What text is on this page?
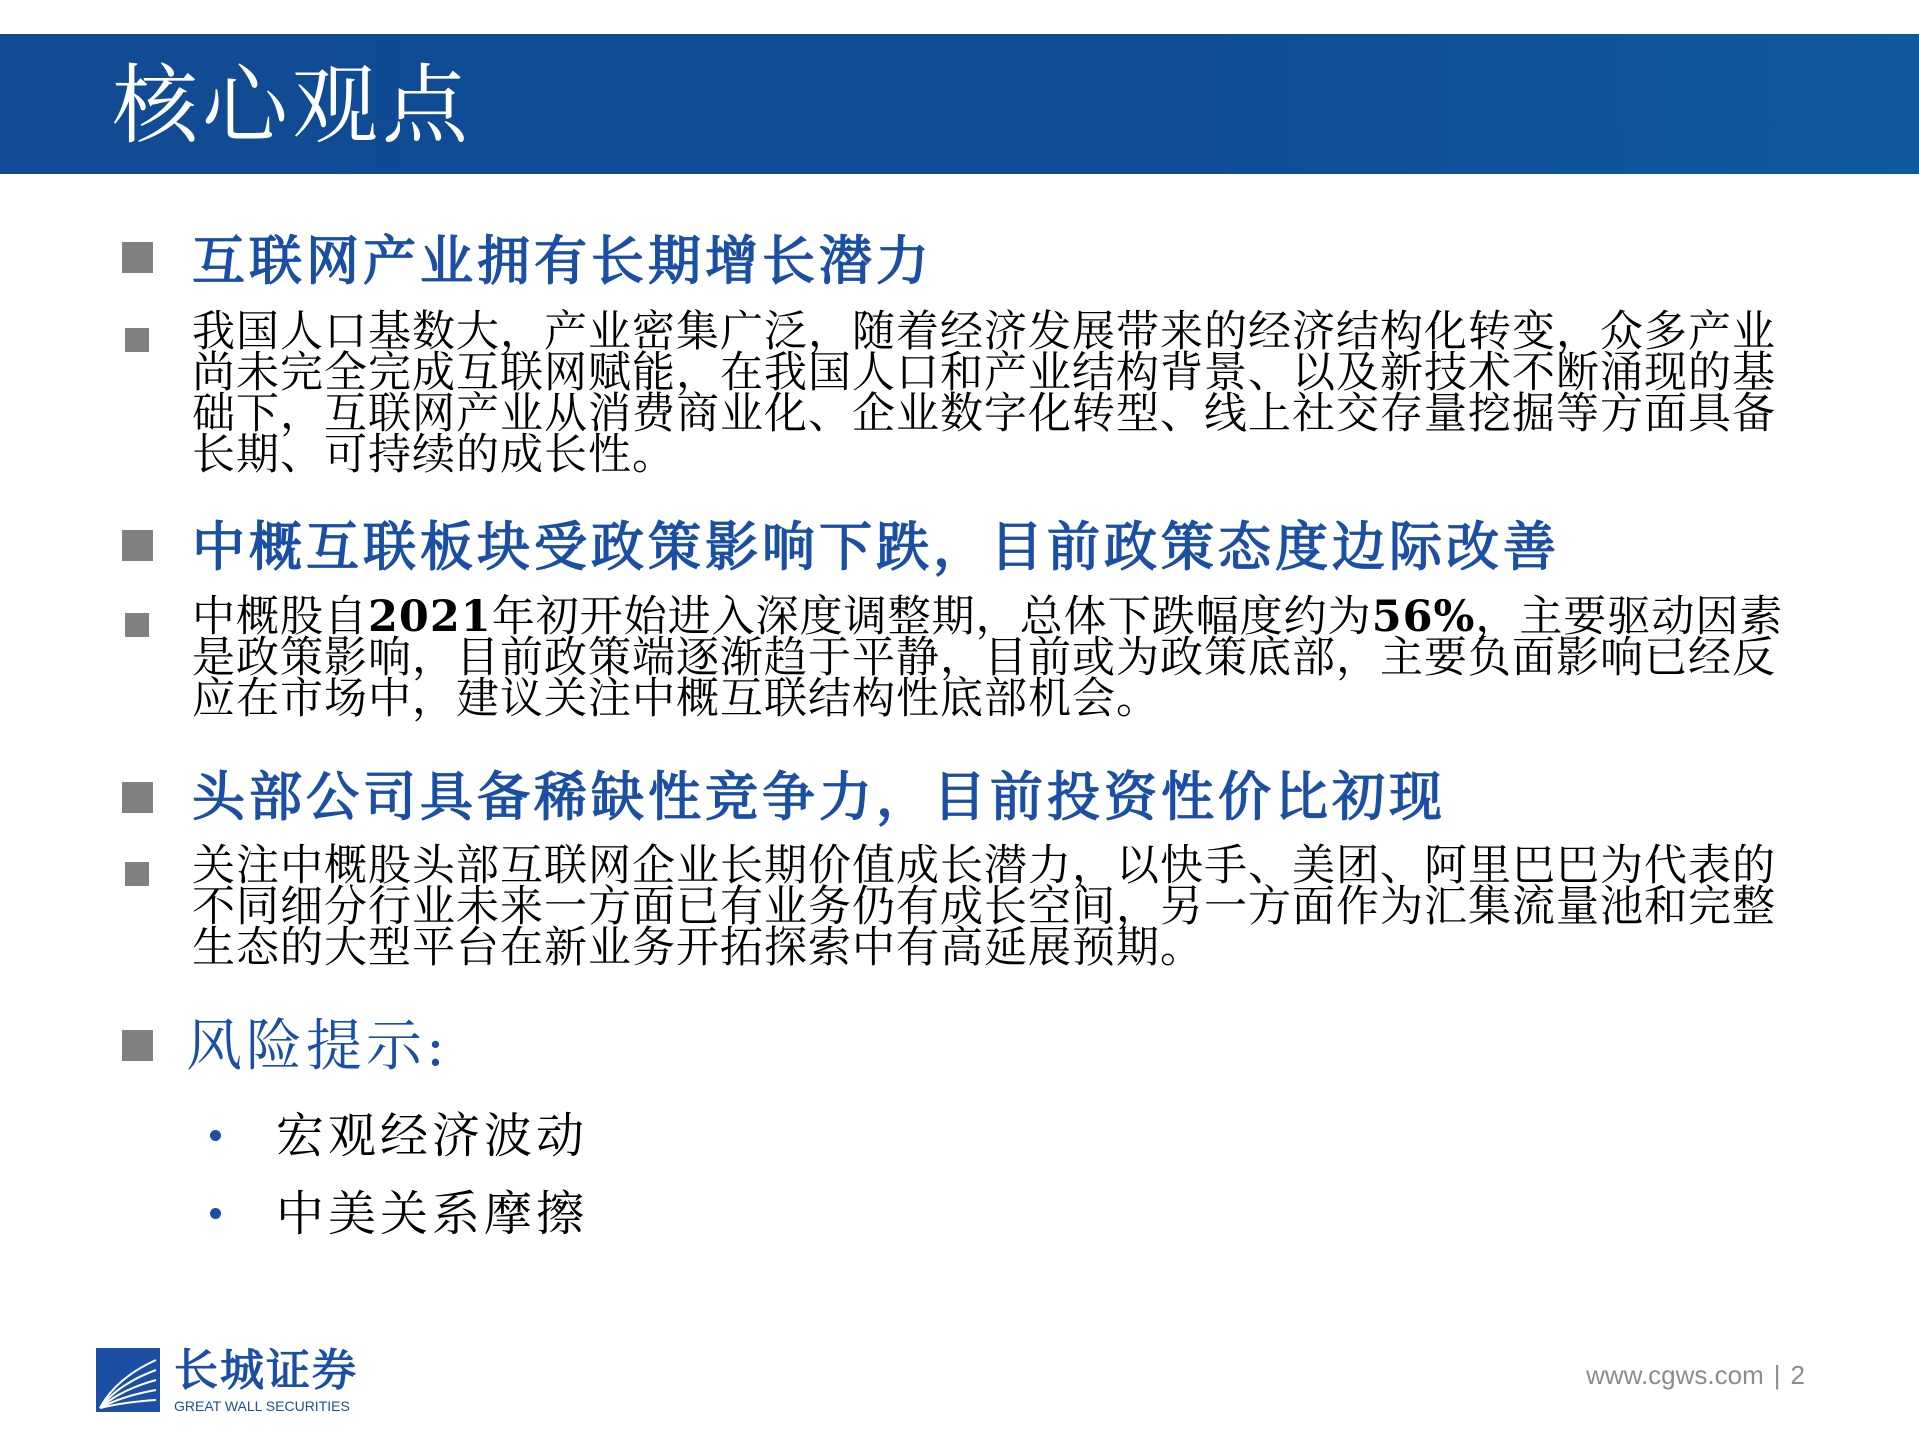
核心观点
互联网产业拥有长期增长潜力
我国人口基数大，产业密集广泛，随着经济发展带来的经济结构化转变，众多产业尚未完全完成互联网赋能，在我国人口和产业结构背景、以及新技术不断涌现的基础下，互联网产业从消费商业化、企业数字化转型、线上社交存量挖掘等方面具备长期、可持续的成长性。
中概互联板块受政策影响下跌，目前政策态度边际改善
中概股自2021年初开始进入深度调整期，总体下跌幅度约为56%，主要驱动因素是政策影响，目前政策端逐渐趋于平静，目前或为政策底部，主要负面影响已经反应在市场中，建议关注中概互联结构性底部机会。
头部公司具备稀缺性竞争力，目前投资性价比初现
关注中概股头部互联网企业长期价值成长潜力，以快手、美团、阿里巴巴为代表的不同细分行业未来一方面已有业务仍有成长空间，另一方面作为汇集流量池和完整生态的大型平台在新业务开拓探索中有高延展预期。
风险提示:
宏观经济波动
中美关系摩擦
长城证券
GREAT WALL SECURITIES
www.cgws.com | 2
